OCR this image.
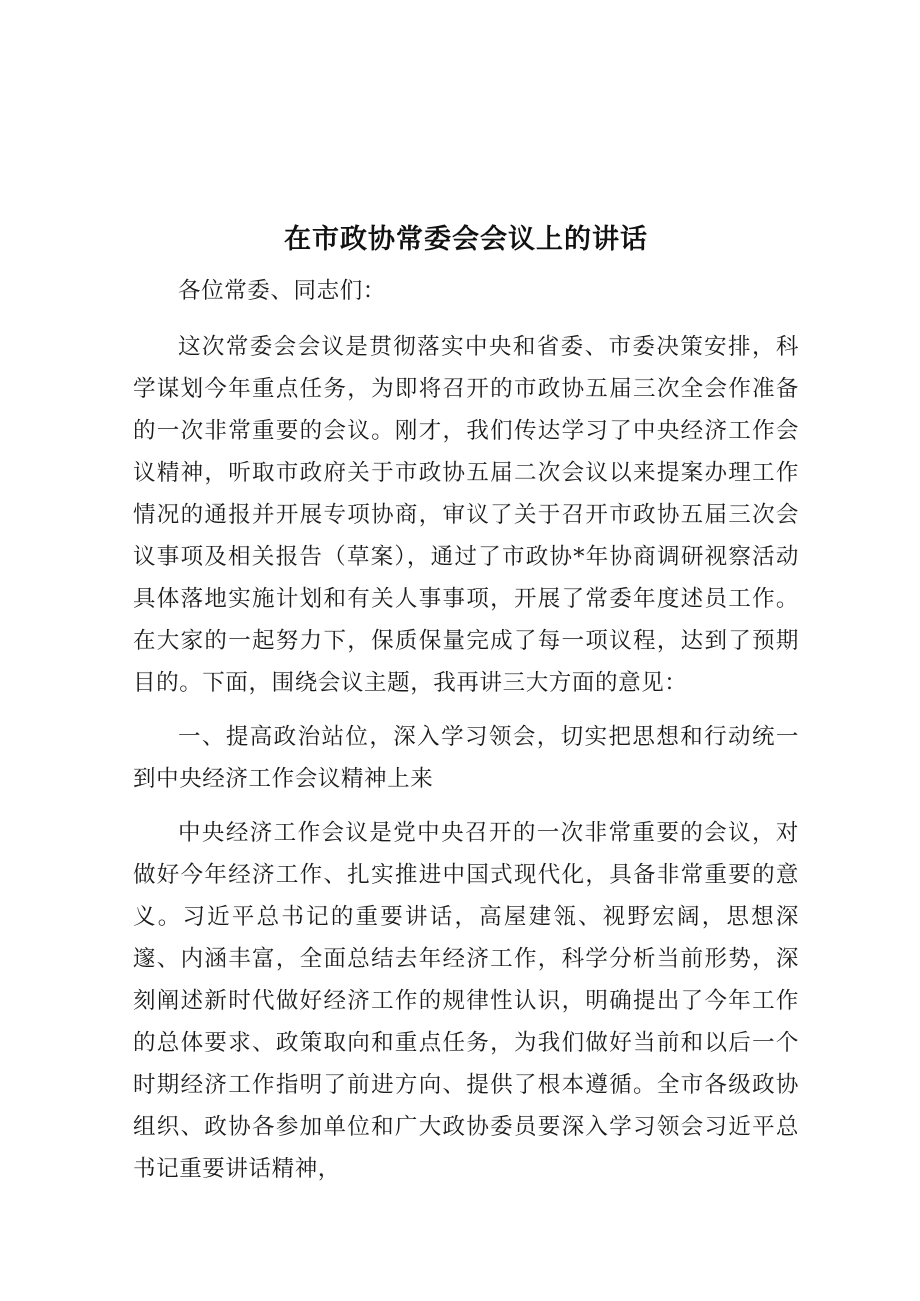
在市政协常委会会议上的讲话

各位常委、同志们：

这次常委会会议是贯彻落实中央和省委、市委决策安排，科学谋划今年重点任务，为即将召开的市政协五届三次全会作准备的一次非常重要的会议。刚才，我们传达学习了中央经济工作会议精神，听取市政府关于市政协五届二次会议以来提案办理工作情况的通报并开展专项协商，审议了关于召开市政协五届三次会议事项及相关报告（草案），通过了市政协*年协商调研视察活动具体落地实施计划和有关人事事项，开展了常委年度述员工作。在大家的一起努力下，保质保量完成了每一项议程，达到了预期目的。下面，围绕会议主题，我再讲三大方面的意见：

一、提高政治站位，深入学习领会，切实把思想和行动统一到中央经济工作会议精神上来

中央经济工作会议是党中央召开的一次非常重要的会议，对做好今年经济工作、扎实推进中国式现代化，具备非常重要的意义。习近平总书记的重要讲话，高屋建瓴、视野宏阔，思想深邃、内涵丰富，全面总结去年经济工作，科学分析当前形势，深刻阐述新时代做好经济工作的规律性认识，明确提出了今年工作的总体要求、政策取向和重点任务，为我们做好当前和以后一个时期经济工作指明了前进方向、提供了根本遵循。全市各级政协组织、政协各参加单位和广大政协委员要深入学习领会习近平总书记重要讲话精神，
